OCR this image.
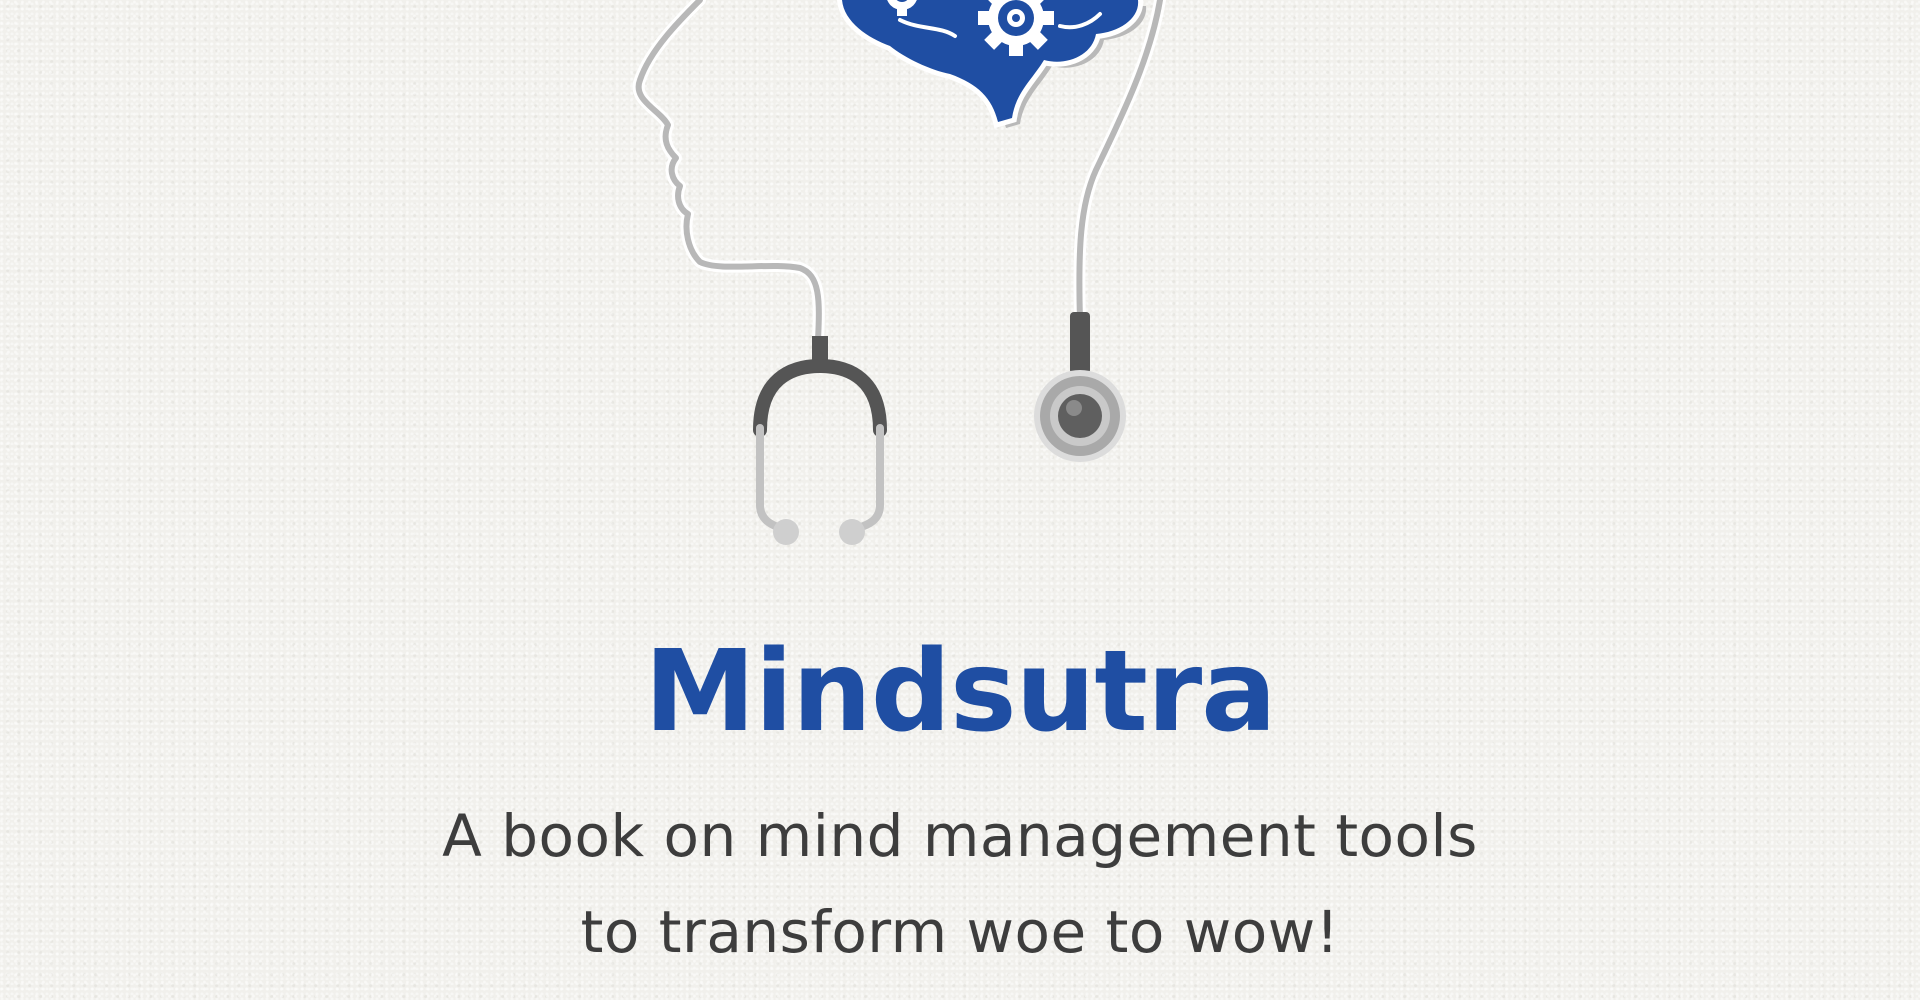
Mindsutra
A book on mind management tools
to transform woe to wow!
